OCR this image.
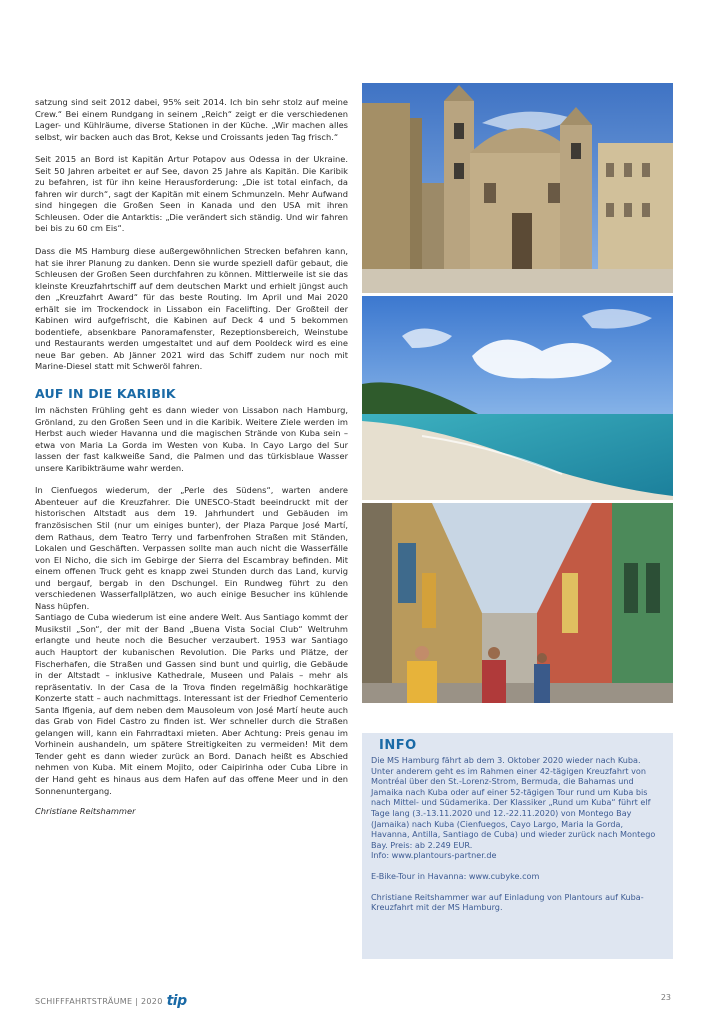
satzung sind seit 2012 dabei, 95% seit 2014. Ich bin sehr stolz auf meine Crew.“ Bei einem Rundgang in seinem „Reich“ zeigt er die verschiedenen Lager- und Kühlräume, diverse Stationen in der Küche. „Wir machen alles selbst, wir backen auch das Brot, Kekse und Croissants jeden Tag frisch.“

Seit 2015 an Bord ist Kapitän Artur Potapov aus Odessa in der Ukraine. Seit 50 Jahren arbeitet er auf See, davon 25 Jahre als Kapitän. Die Karibik zu befahren, ist für ihn keine Herausforderung: „Die ist total einfach, da fahren wir durch“, sagt der Kapitän mit einem Schmunzeln. Mehr Aufwand sind hingegen die Großen Seen in Kanada und den USA mit ihren Schleusen. Oder die Antarktis: „Die verändert sich ständig. Und wir fahren bei bis zu 60 cm Eis“.

Dass die MS Hamburg diese außergewöhnlichen Strecken befahren kann, hat sie ihrer Planung zu danken. Denn sie wurde speziell dafür gebaut, die Schleusen der Großen Seen durchfahren zu können. Mittlerweile ist sie das kleinste Kreuzfahrtschiff auf dem deutschen Markt und erhielt jüngst auch den „Kreuzfahrt Award“ für das beste Routing. Im April und Mai 2020 erhält sie im Trockendock in Lissabon ein Facelifting. Der Großteil der Kabinen wird aufgefrischt, die Kabinen auf Deck 4 und 5 bekommen bodentiefe, absenkbare Panoramafenster, Rezeptionsbereich, Weinstube und Restaurants werden umgestaltet und auf dem Pooldeck wird es eine neue Bar geben. Ab Jänner 2021 wird das Schiff zudem nur noch mit Marine-Diesel statt mit Schweröl fahren.

AUF IN DIE KARIBIK

Im nächsten Frühling geht es dann wieder von Lissabon nach Hamburg, Grönland, zu den Großen Seen und in die Karibik. Weitere Ziele werden im Herbst auch wieder Havanna und die magischen Strände von Kuba sein – etwa von Maria La Gorda im Westen von Kuba. In Cayo Largo del Sur lassen der fast kalkweiße Sand, die Palmen und das türkisblaue Wasser unsere Karibikträume wahr werden.

In Cienfuegos wiederum, der „Perle des Südens“, warten andere Abenteuer auf die Kreuzfahrer. Die UNESCO-Stadt beeindruckt mit der historischen Altstadt aus dem 19. Jahrhundert und Gebäuden im französischen Stil (nur um einiges bunter), der Plaza Parque José Martí, dem Rathaus, dem Teatro Terry und farbenfrohen Straßen mit Ständen, Lokalen und Geschäften. Verpassen sollte man auch nicht die Wasserfälle von El Nicho, die sich im Gebirge der Sierra del Escambray befinden. Mit einem offenen Truck geht es knapp zwei Stunden durch das Land, kurvig und bergauf, bergab in den Dschungel. Ein Rundweg führt zu den verschiedenen Wasserfallplätzen, wo auch einige Besucher ins kühlende Nass hüpfen.

Santiago de Cuba wiederum ist eine andere Welt. Aus Santiago kommt der Musikstil „Son“, der mit der Band „Buena Vista Social Club“ Weltruhm erlangte und heute noch die Besucher verzaubert. 1953 war Santiago auch Hauptort der kubanischen Revolution. Die Parks und Plätze, der Fischerhafen, die Straßen und Gassen sind bunt und quirlig, die Gebäude in der Altstadt – inklusive Kathedrale, Museen und Palais – mehr als repräsentativ. In der Casa de la Trova finden regelmäßig hochkarätige Konzerte statt – auch nachmittags. Interessant ist der Friedhof Cementerio Santa Ifigenia, auf dem neben dem Mausoleum von José Martí heute auch das Grab von Fidel Castro zu finden ist. Wer schneller durch die Straßen gelangen will, kann ein Fahrradtaxi mieten. Aber Achtung: Preis genau im Vorhinein aushandeln, um spätere Streitigkeiten zu vermeiden! Mit dem Tender geht es dann wieder zurück an Bord. Danach heißt es Abschied nehmen von Kuba. Mit einem Mojito, oder Caipirinha oder Cuba Libre in der Hand geht es hinaus aus dem Hafen auf das offene Meer und in den Sonnenuntergang.

Christiane Reitshammer
INFO

Die MS Hamburg fährt ab dem 3. Oktober 2020 wieder nach Kuba. Unter anderem geht es im Rahmen einer 42-tägigen Kreuzfahrt von Montréal über den St.-Lorenz-Strom, Bermuda, die Bahamas und Jamaika nach Kuba oder auf einer 52-tägigen Tour rund um Kuba bis nach Mittel- und Südamerika. Der Klassiker „Rund um Kuba“ führt elf Tage lang (3.-13.11.2020 und 12.-22.11.2020) von Montego Bay (Jamaika) nach Kuba (Cienfuegos, Cayo Largo, Maria la Gorda, Havanna, Antilla, Santiago de Cuba) und wieder zurück nach Montego Bay. Preis: ab 2.249 EUR.
Info: www.plantours-partner.de

E-Bike-Tour in Havanna: www.cubyke.com

Christiane Reitshammer war auf Einladung von Plantours auf Kuba-Kreuzfahrt mit der MS Hamburg.

SCHIFFFAHRTSTRÄUME | 2020 tip	23
